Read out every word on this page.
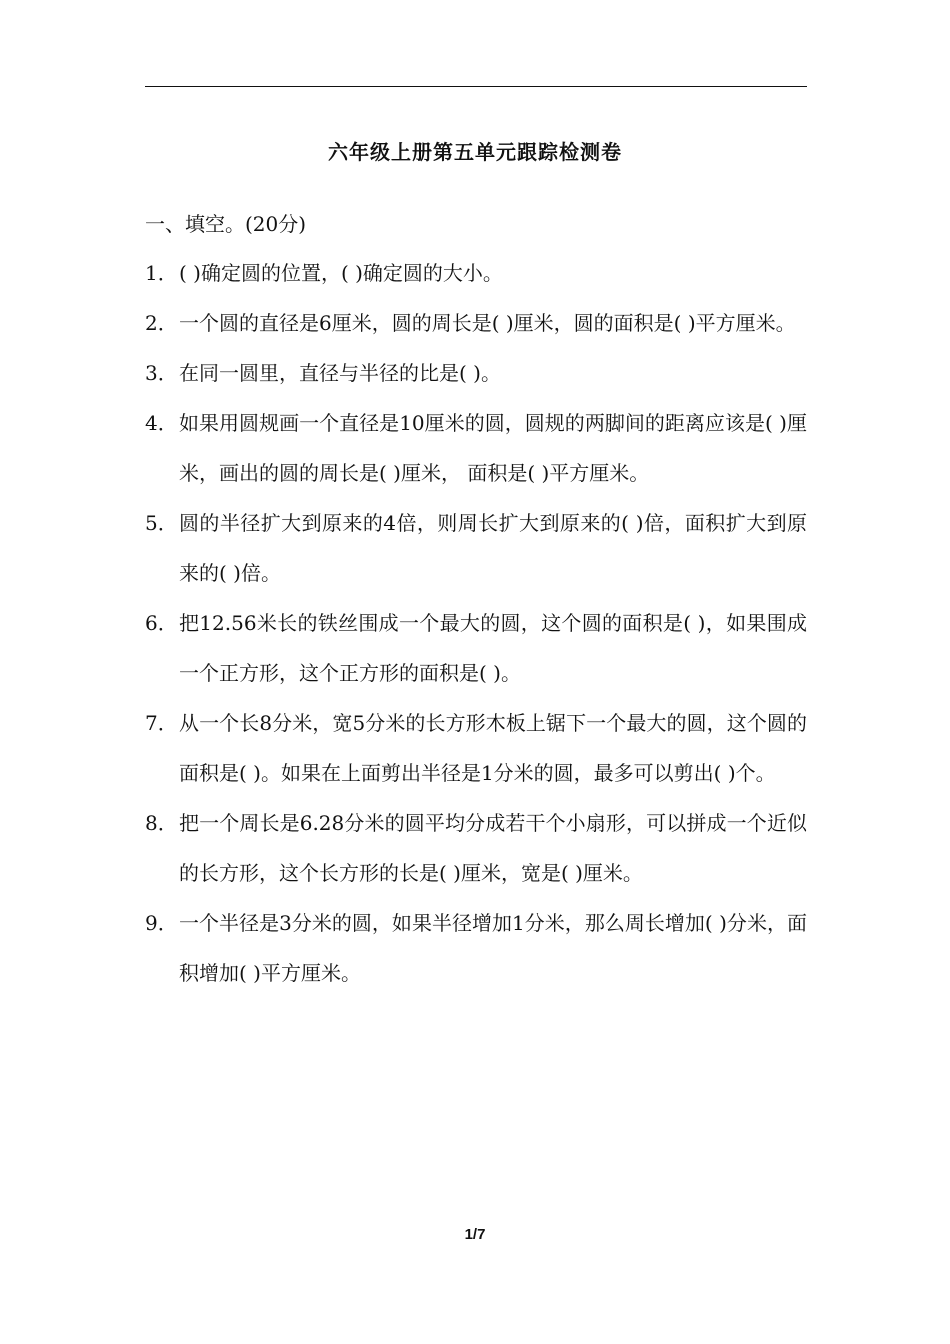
六年级上册第五单元跟踪检测卷
一、填空。(20分)
1． ( )确定圆的位置，( )确定圆的大小。
2． 一个圆的直径是6厘米，圆的周长是( )厘米，圆的面积是( )平方厘米。
3． 在同一圆里，直径与半径的比是( )。
4． 如果用圆规画一个直径是10厘米的圆，圆规的两脚间的距离应该是( )厘米，画出的圆的周长是( )厘米， 面积是( )平方厘米。
5． 圆的半径扩大到原来的4倍，则周长扩大到原来的( )倍，面积扩大到原来的( )倍。
6． 把12.56米长的铁丝围成一个最大的圆，这个圆的面积是( )，如果围成一个正方形，这个正方形的面积是( )。
7． 从一个长8分米，宽5分米的长方形木板上锯下一个最大的圆，这个圆的面积是( )。如果在上面剪出半径是1分米的圆，最多可以剪出( )个。
8． 把一个周长是6.28分米的圆平均分成若干个小扇形，可以拼成一个近似的长方形，这个长方形的长是( )厘米，宽是( )厘米。
9． 一个半径是3分米的圆，如果半径增加1分米，那么周长增加( )分米，面积增加( )平方厘米。
1/7
